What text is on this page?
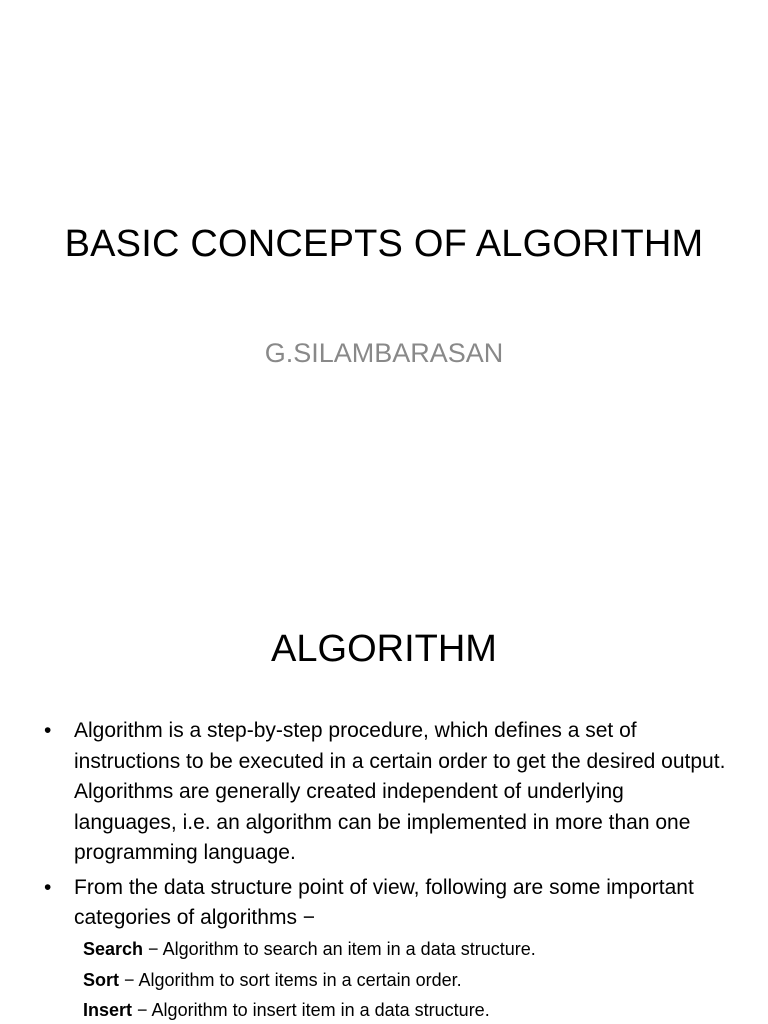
BASIC CONCEPTS OF ALGORITHM
G.SILAMBARASAN
ALGORITHM
• Algorithm is a step-by-step procedure, which defines a set of instructions to be executed in a certain order to get the desired output. Algorithms are generally created independent of underlying languages, i.e. an algorithm can be implemented in more than one programming language.
• From the data structure point of view, following are some important categories of algorithms −
Search − Algorithm to search an item in a data structure.
Sort − Algorithm to sort items in a certain order.
Insert − Algorithm to insert item in a data structure.
